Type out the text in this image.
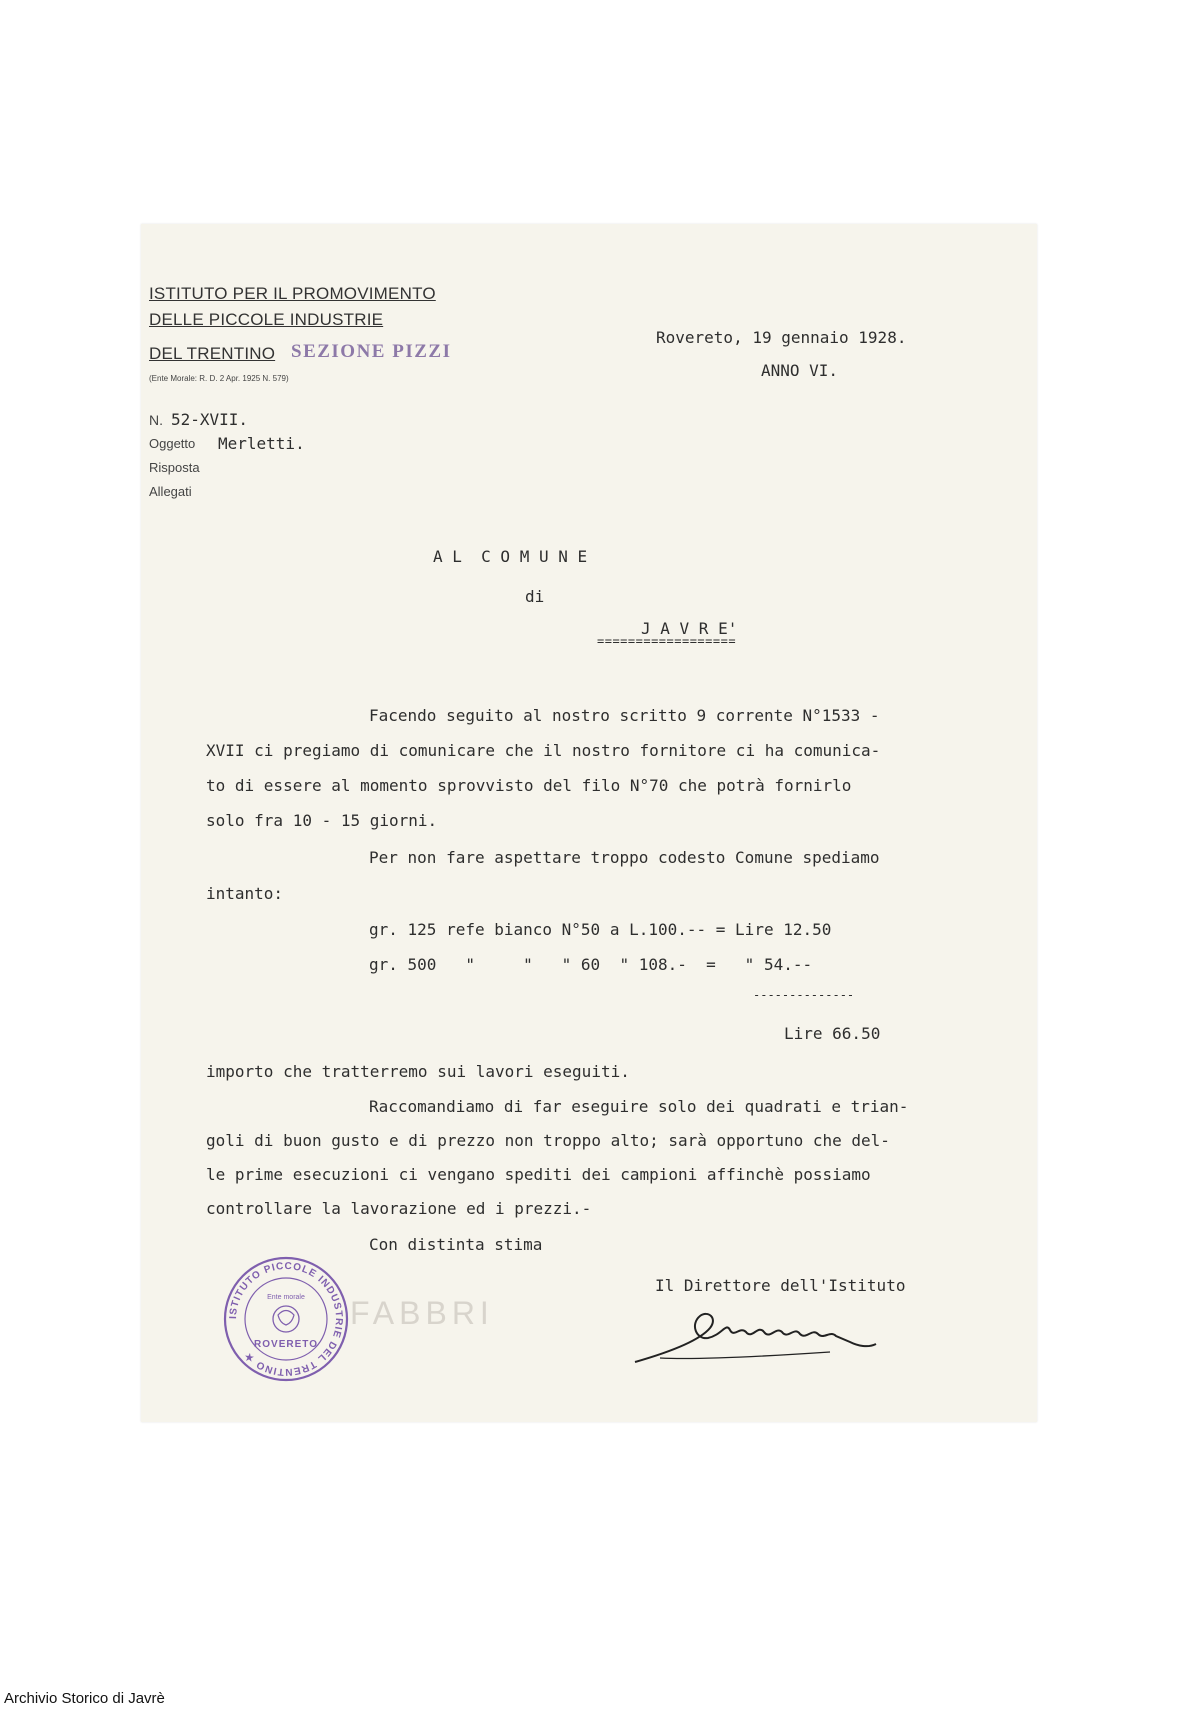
ISTITUTO PER IL PROMOVIMENTO
DELLE PICCOLE INDUSTRIE
DEL TRENTINO SEZIONE PIZZI
(Ente Morale: R. D. 2 Apr. 1925 N. 579)
Rovereto, 19 gennaio 1928.
ANNO VI.
N. 52-XVII.
Oggetto Merletti.
Risposta
Allegati
A L  C O M U N E
di
J A V R E'
==================
Facendo seguito al nostro scritto 9 corrente N°1533 -
XVII ci pregiamo di comunicare che il nostro fornitore ci ha comunica-
to di essere al momento sprovvisto del filo N°70 che potrà fornirlo
solo fra 10 - 15 giorni.
Per non fare aspettare troppo codesto Comune spediamo
intanto:
gr. 125 refe bianco N°50 a L.100.-- = Lire 12.50
gr. 500   "     "   " 60  " 108.-  =   " 54.--
--------------
Lire 66.50
importo che tratterremo sui lavori eseguiti.
Raccomandiamo di far eseguire solo dei quadrati e trian-
goli di buon gusto e di prezzo non troppo alto; sarà opportuno che del-
le prime esecuzioni ci vengano spediti dei campioni affinchè possiamo
controllare la lavorazione ed i prezzi.-
Con distinta stima
Il Direttore dell'Istituto
FABBRI
ISTITUTO PICCOLE INDUSTRIE DEL TRENTINO ★
Ente morale
ROVERETO
Archivio Storico di Javrè
